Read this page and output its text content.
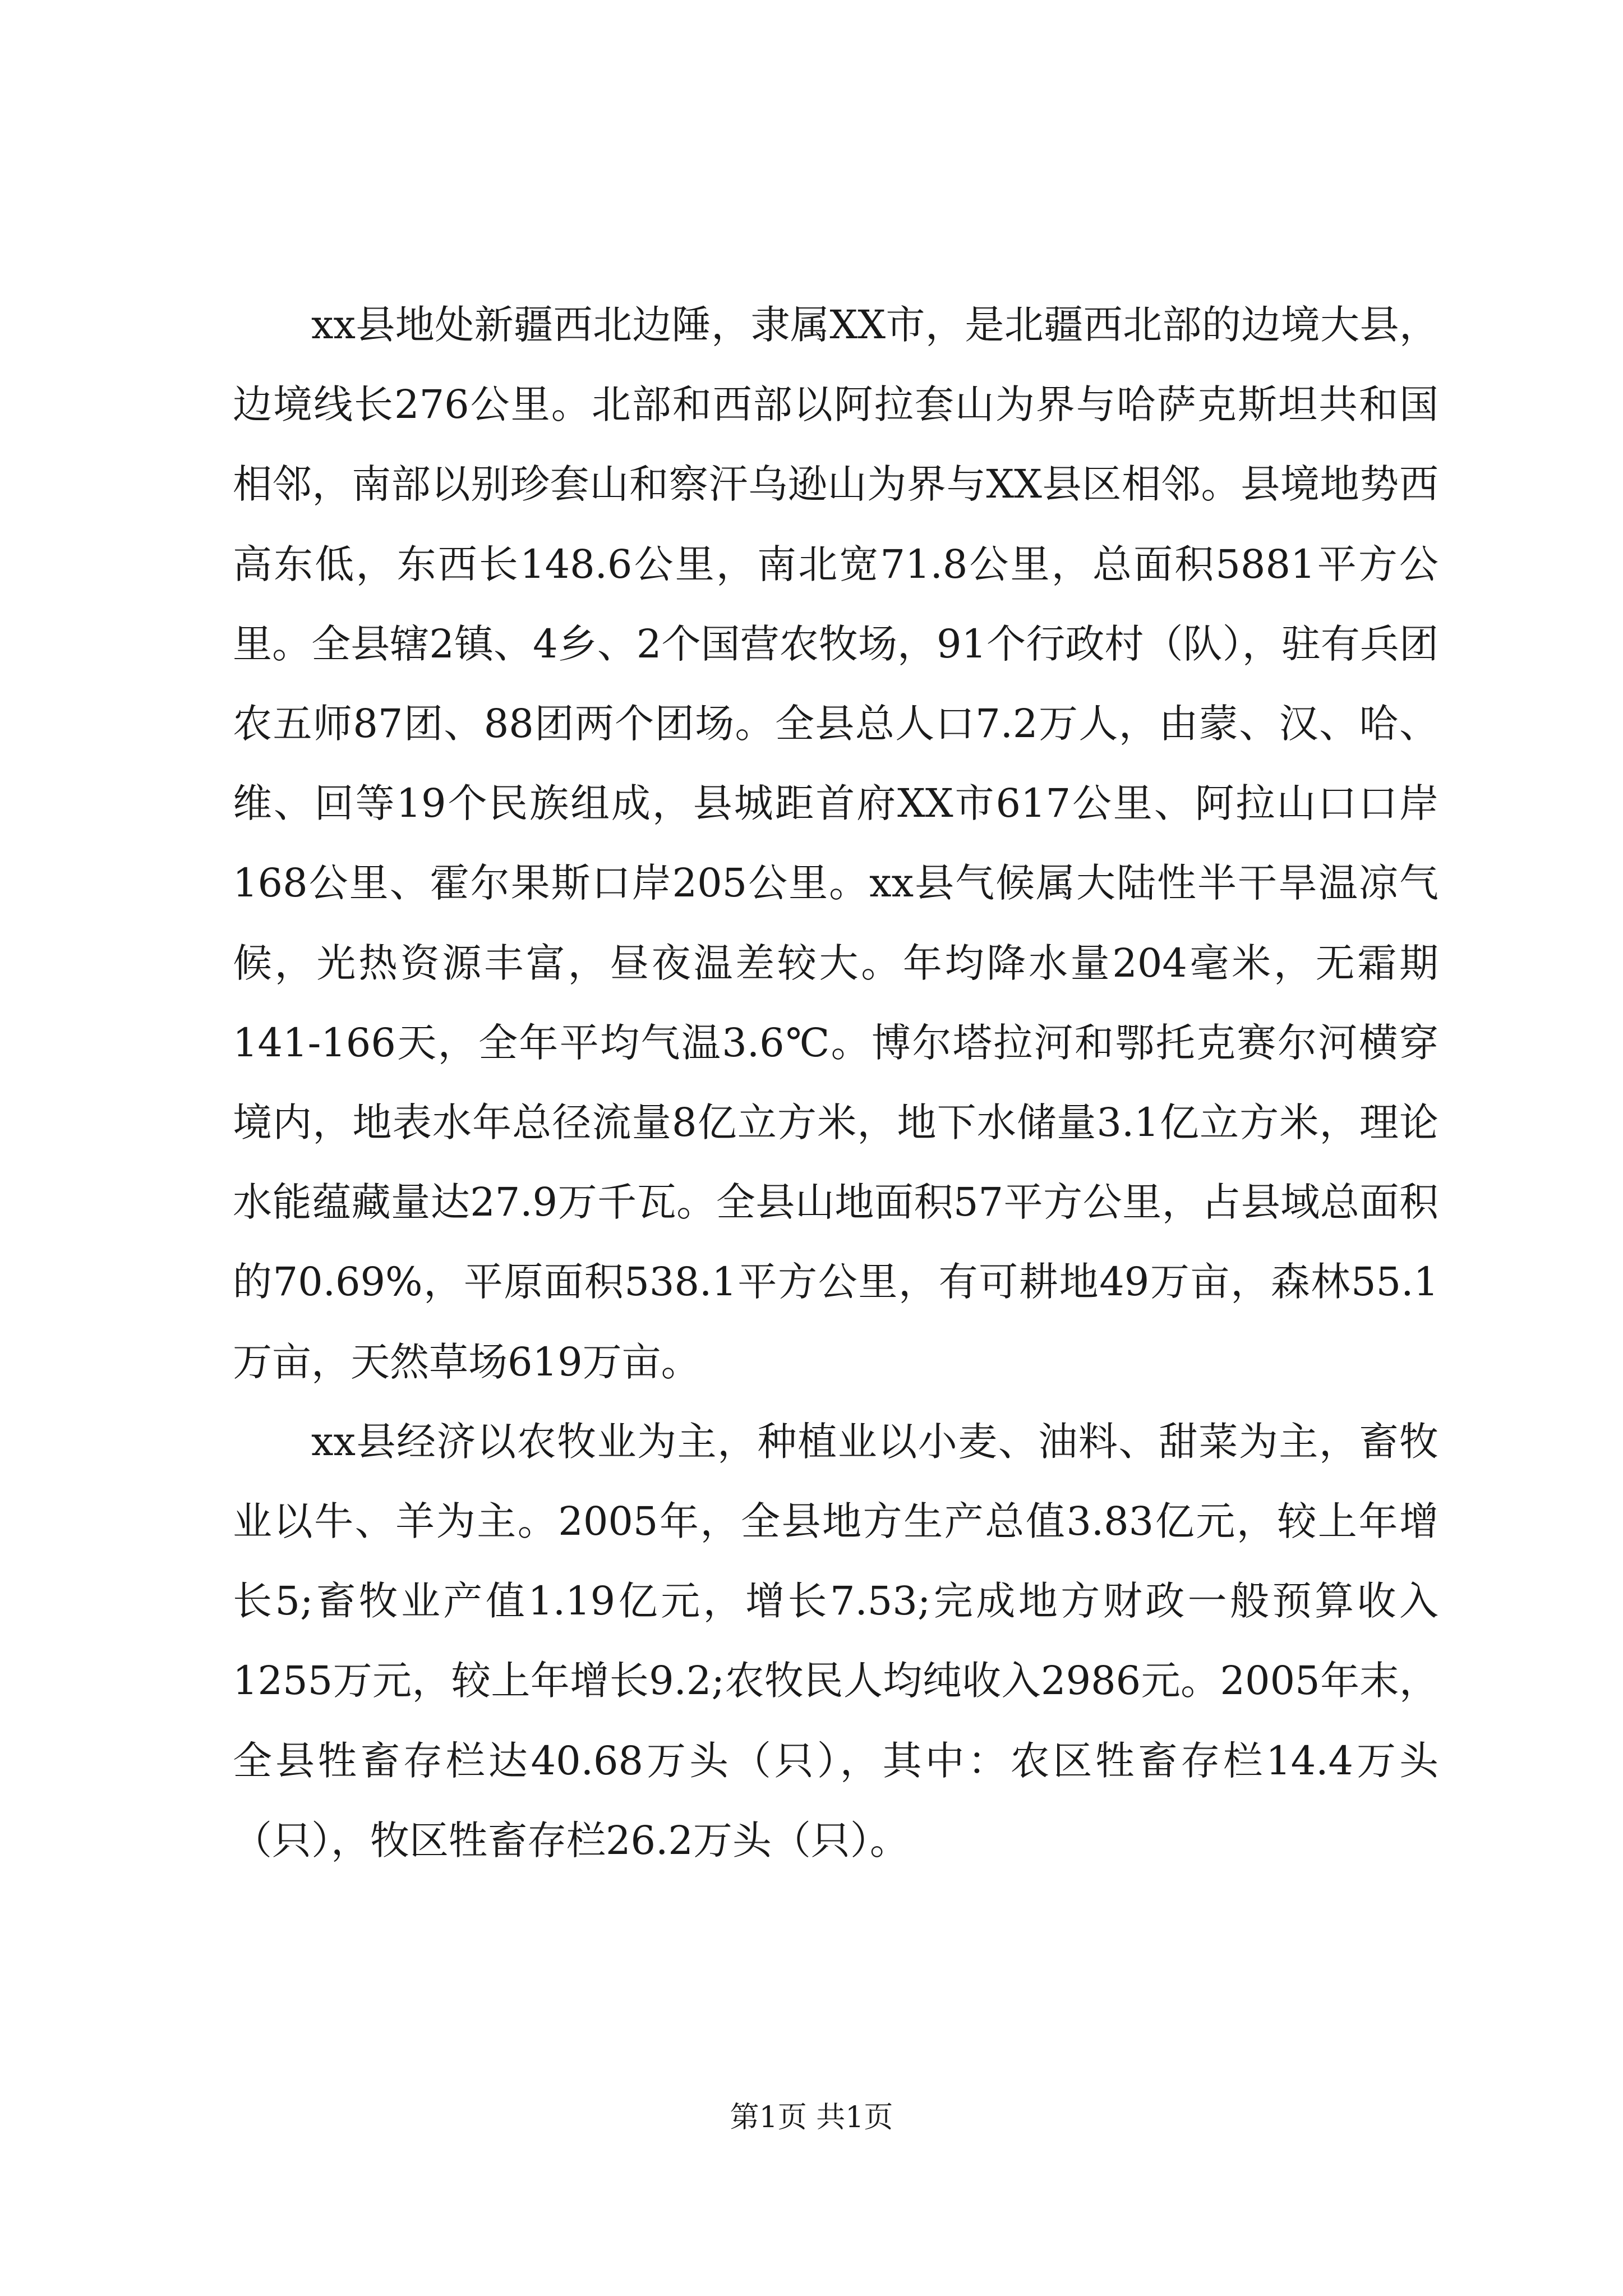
xx县地处新疆西北边陲，隶属XX市，是北疆西北部的边境大县，边境线长276公里。北部和西部以阿拉套山为界与哈萨克斯坦共和国相邻，南部以别珍套山和察汗乌逊山为界与XX县区相邻。县境地势西高东低，东西长148.6公里，南北宽71.8公里，总面积5881平方公里。全县辖2镇、4乡、2个国营农牧场，91个行政村（队），驻有兵团农五师87团、88团两个团场。全县总人口7.2万人，由蒙、汉、哈、维、回等19个民族组成，县城距首府XX市617公里、阿拉山口口岸168公里、霍尔果斯口岸205公里。xx县气候属大陆性半干旱温凉气候，光热资源丰富，昼夜温差较大。年均降水量204毫米，无霜期141-166天，全年平均气温3.6℃。博尔塔拉河和鄂托克赛尔河横穿境内，地表水年总径流量8亿立方米，地下水储量3.1亿立方米，理论水能蕴藏量达27.9万千瓦。全县山地面积57平方公里，占县域总面积的70.69%，平原面积538.1平方公里，有可耕地49万亩，森林55.1万亩，天然草场619万亩。

xx县经济以农牧业为主，种植业以小麦、油料、甜菜为主，畜牧业以牛、羊为主。2005年，全县地方生产总值3.83亿元，较上年增长5;畜牧业产值1.19亿元，增长7.53;完成地方财政一般预算收入1255万元，较上年增长9.2;农牧民人均纯收入2986元。2005年末，全县牲畜存栏达40.68万头（只），其中：农区牲畜存栏14.4万头（只），牧区牲畜存栏26.2万头（只）。

第1页 共1页
